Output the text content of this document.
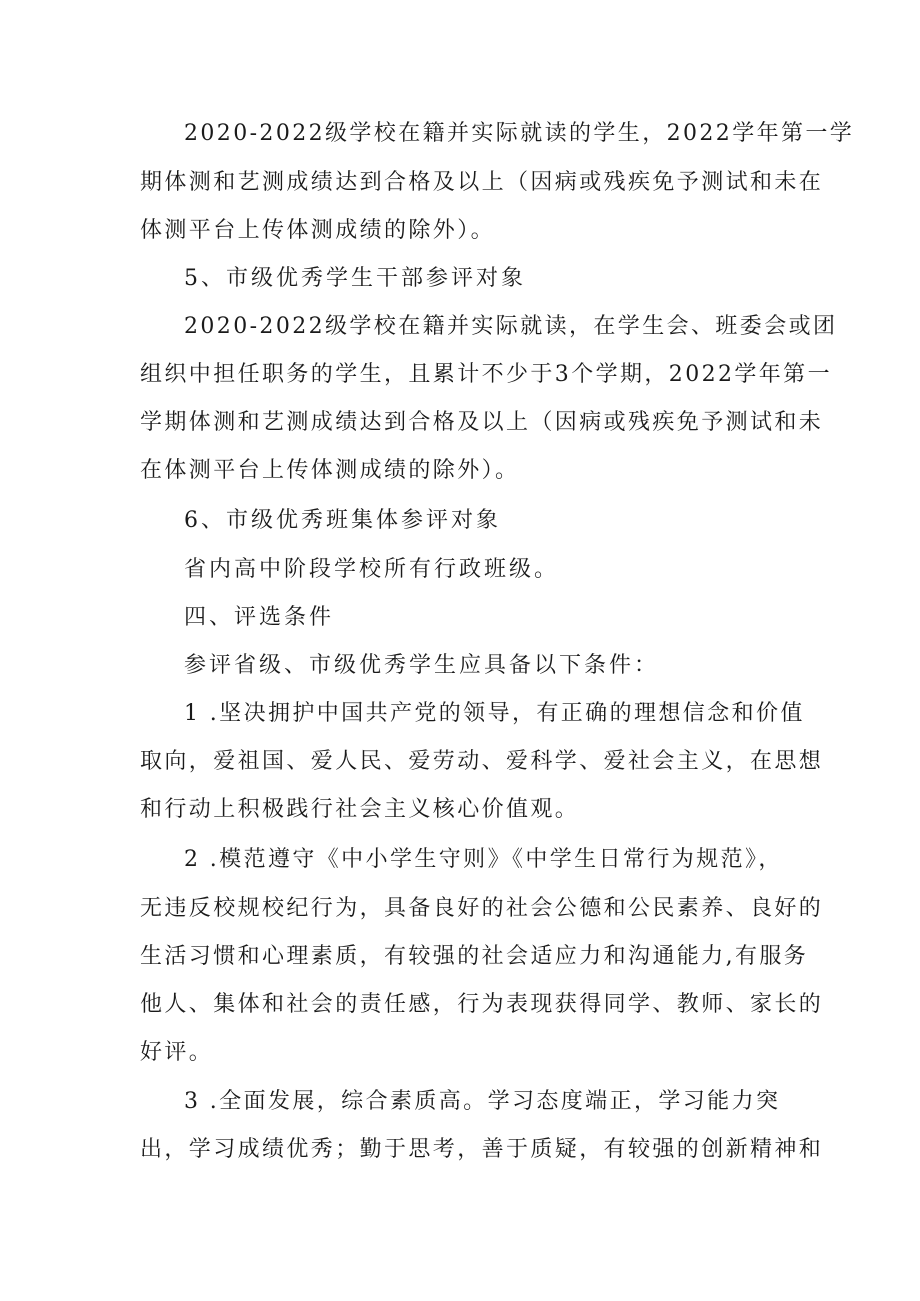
2020-2022级学校在籍并实际就读的学生，2022学年第一学
期体测和艺测成绩达到合格及以上（因病或残疾免予测试和未在
体测平台上传体测成绩的除外）。
5、市级优秀学生干部参评对象
2020-2022级学校在籍并实际就读，在学生会、班委会或团
组织中担任职务的学生，且累计不少于3个学期，2022学年第一
学期体测和艺测成绩达到合格及以上（因病或残疾免予测试和未
在体测平台上传体测成绩的除外）。
6、市级优秀班集体参评对象
省内高中阶段学校所有行政班级。
四、评选条件
参评省级、市级优秀学生应具备以下条件：
1 .坚决拥护中国共产党的领导，有正确的理想信念和价值
取向，爱祖国、爱人民、爱劳动、爱科学、爱社会主义，在思想
和行动上积极践行社会主义核心价值观。
2 .模范遵守《中小学生守则》《中学生日常行为规范》，
无违反校规校纪行为，具备良好的社会公德和公民素养、良好的
生活习惯和心理素质，有较强的社会适应力和沟通能力,有服务
他人、集体和社会的责任感，行为表现获得同学、教师、家长的
好评。
3 .全面发展，综合素质高。学习态度端正，学习能力突
出，学习成绩优秀；勤于思考，善于质疑，有较强的创新精神和
